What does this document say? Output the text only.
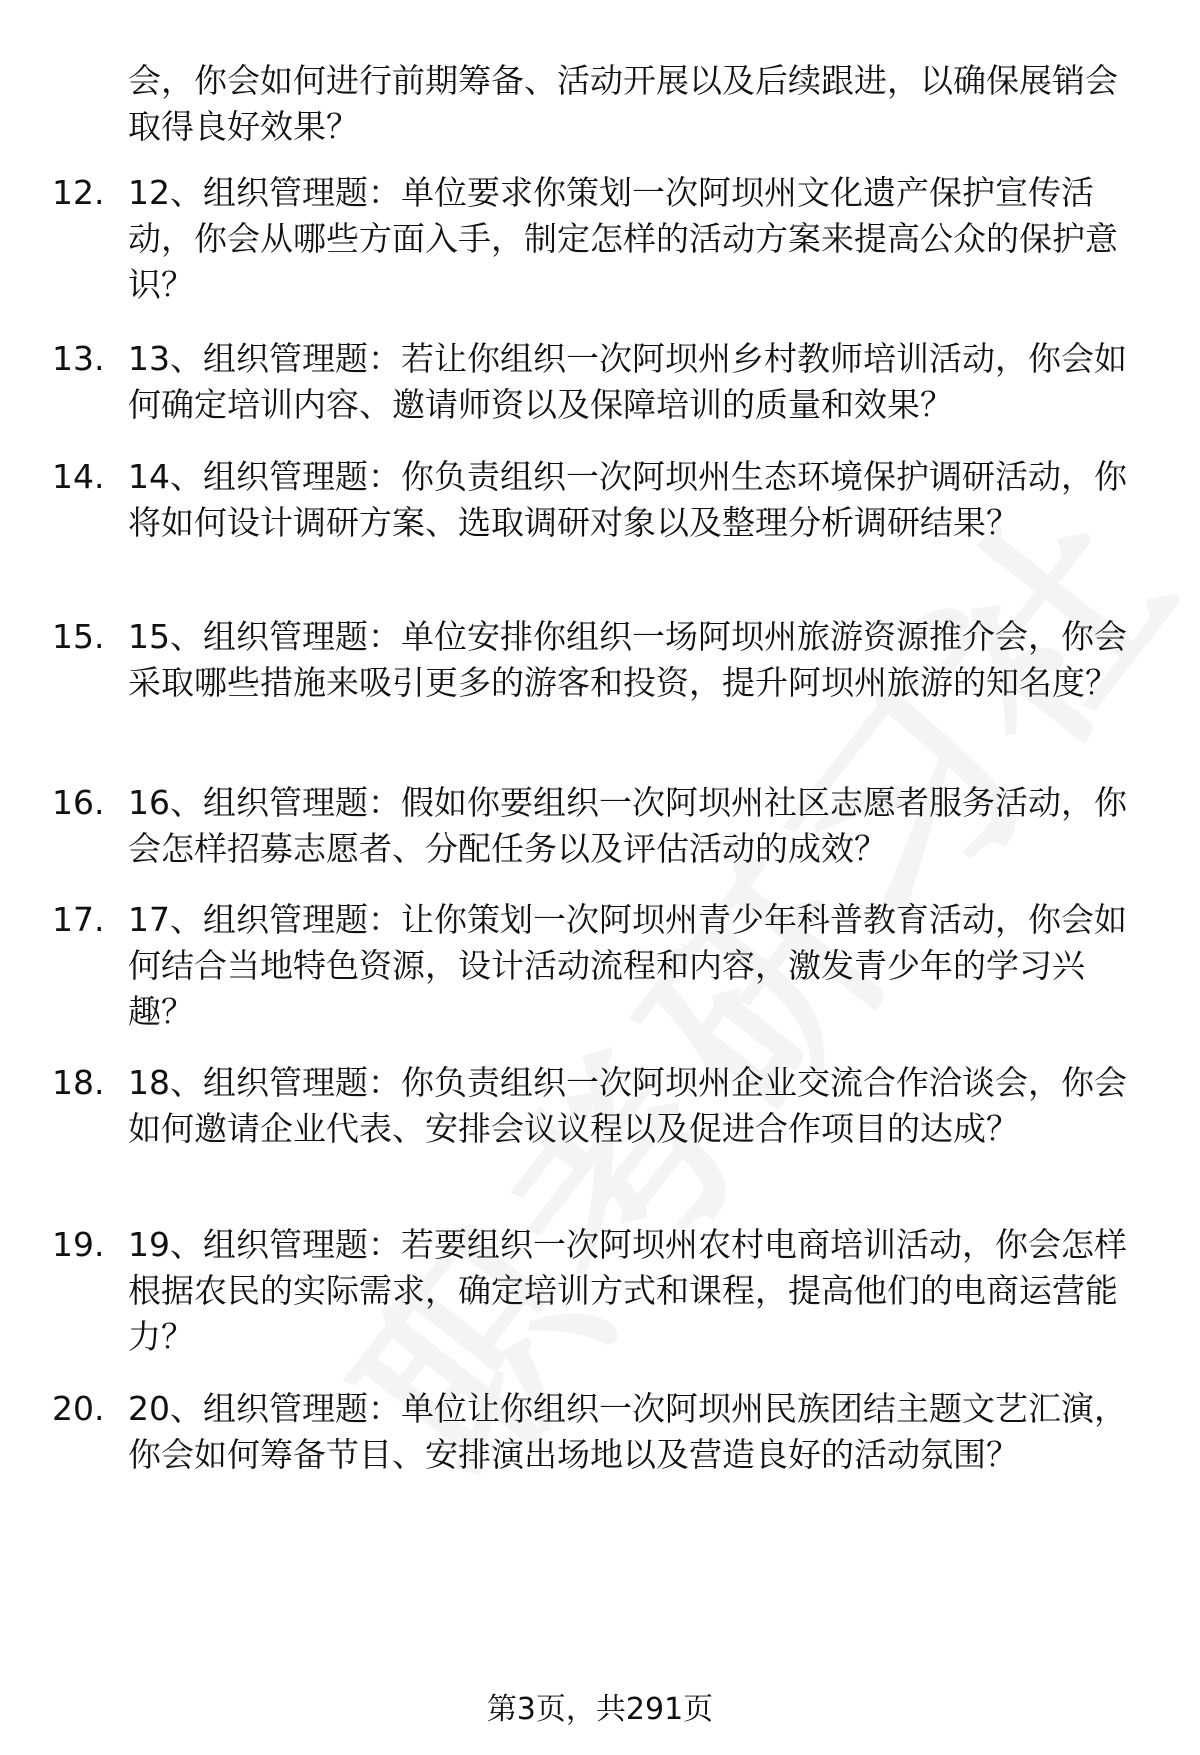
会，你会如何进行前期筹备、活动开展以及后续跟进，以确保展销会取得良好效果？
12. 12、组织管理题：单位要求你策划一次阿坝州文化遗产保护宣传活动，你会从哪些方面入手，制定怎样的活动方案来提高公众的保护意识？
13. 13、组织管理题：若让你组织一次阿坝州乡村教师培训活动，你会如何确定培训内容、邀请师资以及保障培训的质量和效果？
14. 14、组织管理题：你负责组织一次阿坝州生态环境保护调研活动，你将如何设计调研方案、选取调研对象以及整理分析调研结果？
15. 15、组织管理题：单位安排你组织一场阿坝州旅游资源推介会，你会采取哪些措施来吸引更多的游客和投资，提升阿坝州旅游的知名度？
16. 16、组织管理题：假如你要组织一次阿坝州社区志愿者服务活动，你会怎样招募志愿者、分配任务以及评估活动的成效？
17. 17、组织管理题：让你策划一次阿坝州青少年科普教育活动，你会如何结合当地特色资源，设计活动流程和内容，激发青少年的学习兴趣？
18. 18、组织管理题：你负责组织一次阿坝州企业交流合作洽谈会，你会如何邀请企业代表、安排会议议程以及促进合作项目的达成？
19. 19、组织管理题：若要组织一次阿坝州农村电商培训活动，你会怎样根据农民的实际需求，确定培训方式和课程，提高他们的电商运营能力？
20. 20、组织管理题：单位让你组织一次阿坝州民族团结主题文艺汇演，你会如何筹备节目、安排演出场地以及营造良好的活动氛围？
第3页，共291页
